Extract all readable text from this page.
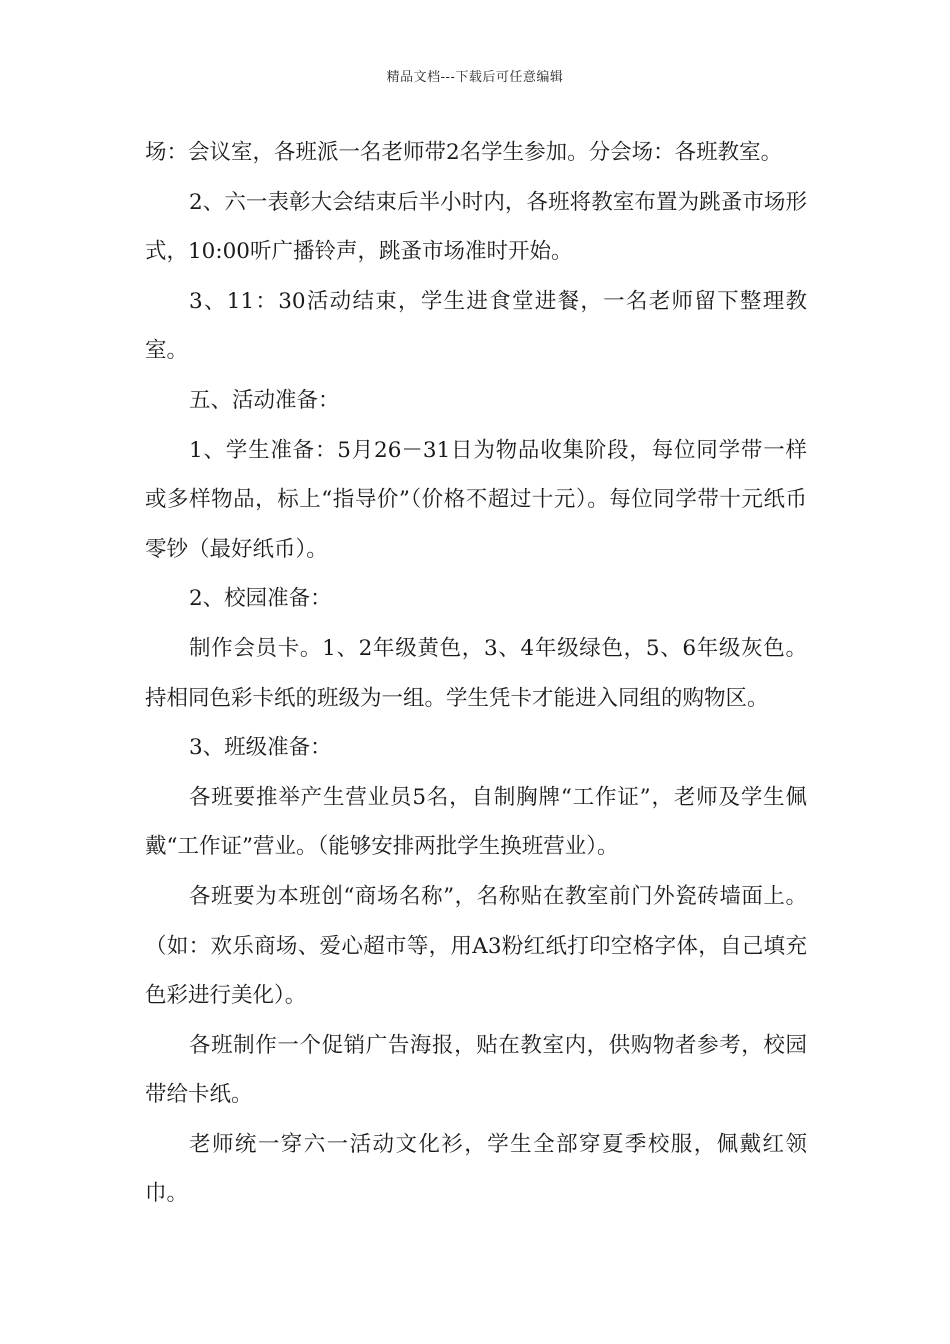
精品文档---下载后可任意编辑

场：会议室，各班派一名老师带2名学生参加。分会场：各班教室。

2、六一表彰大会结束后半小时内，各班将教室布置为跳蚤市场形式，10:00听广播铃声，跳蚤市场准时开始。

3、11：30活动结束，学生进食堂进餐，一名老师留下整理教室。

五、活动准备：

1、学生准备：5月26－31日为物品收集阶段，每位同学带一样或多样物品，标上“指导价”（价格不超过十元）。每位同学带十元纸币零钞（最好纸币）。

2、校园准备：

制作会员卡。1、2年级黄色，3、4年级绿色，5、6年级灰色。持相同色彩卡纸的班级为一组。学生凭卡才能进入同组的购物区。

3、班级准备：

各班要推举产生营业员5名，自制胸牌“工作证”，老师及学生佩戴“工作证”营业。（能够安排两批学生换班营业）。

各班要为本班创“商场名称”，名称贴在教室前门外瓷砖墙面上。（如：欢乐商场、爱心超市等，用A3粉红纸打印空格字体，自己填充色彩进行美化）。

各班制作一个促销广告海报，贴在教室内，供购物者参考，校园带给卡纸。

老师统一穿六一活动文化衫，学生全部穿夏季校服，佩戴红领巾。
